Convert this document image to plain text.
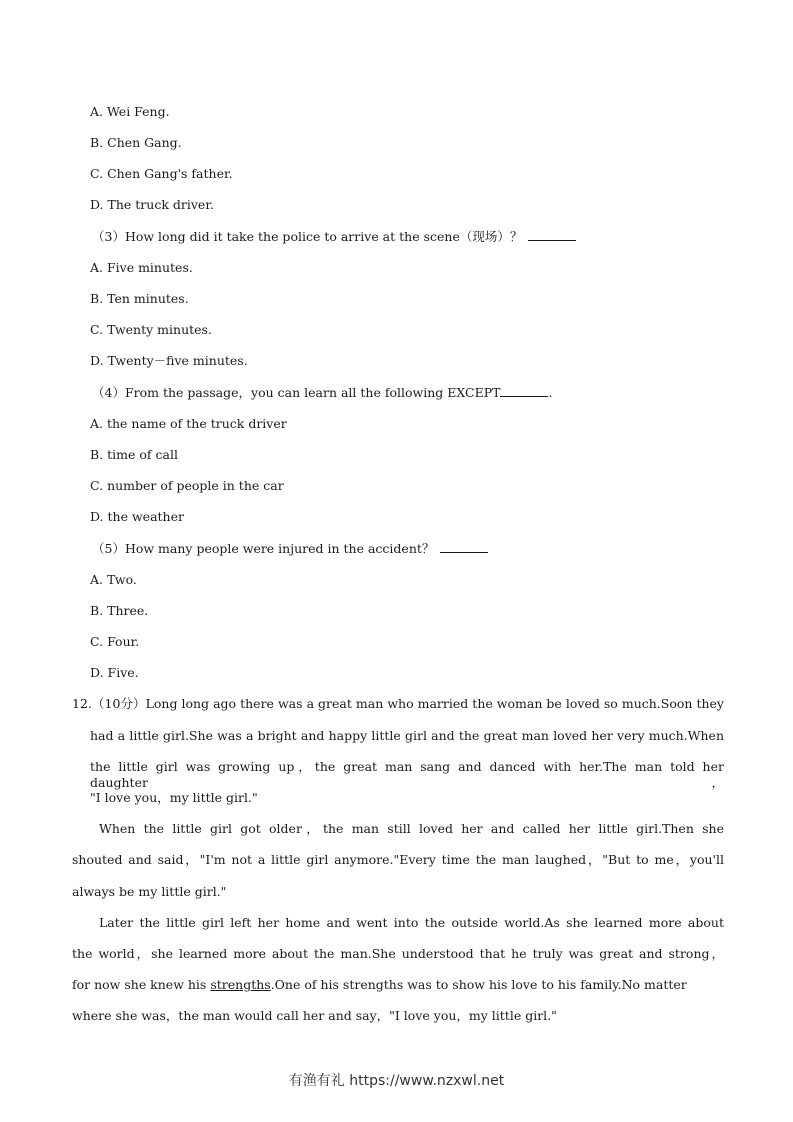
A. Wei Feng.
B. Chen Gang.
C. Chen Gang's father.
D. The truck driver.
（3）How long did it take the police to arrive at the scene（现场）？
A. Five minutes.
B. Ten minutes.
C. Twenty minutes.
D. Twenty－five minutes.
（4）From the passage，you can learn all the following EXCEPT	.
A. the name of the truck driver
B. time of call
C. number of people in the car
D. the weather
（5）How many people were injured in the accident？
A. Two.
B. Three.
C. Four.
D. Five.
12.（10分）Long long ago there was a great man who married the woman be loved so much.Soon they
had a little girl.She was a bright and happy little girl and the great man loved her very much.When
the little girl was growing up，the great man sang and danced with her.The man told her daughter，
"I love you，my little girl."
When the little girl got older，the man still loved her and called her little girl.Then she
shouted and said，"I'm not a little girl anymore."Every time the man laughed，"But to me，you'll
always be my little girl."
Later the little girl left her home and went into the outside world.As she learned more about
the world，she learned more about the man.She understood that he truly was great and strong，
for now she knew his strengths.One of his strengths was to show his love to his family.No matter
where she was，the man would call her and say，"I love you，my little girl."
有渔有礼 https://www.nzxwl.net
